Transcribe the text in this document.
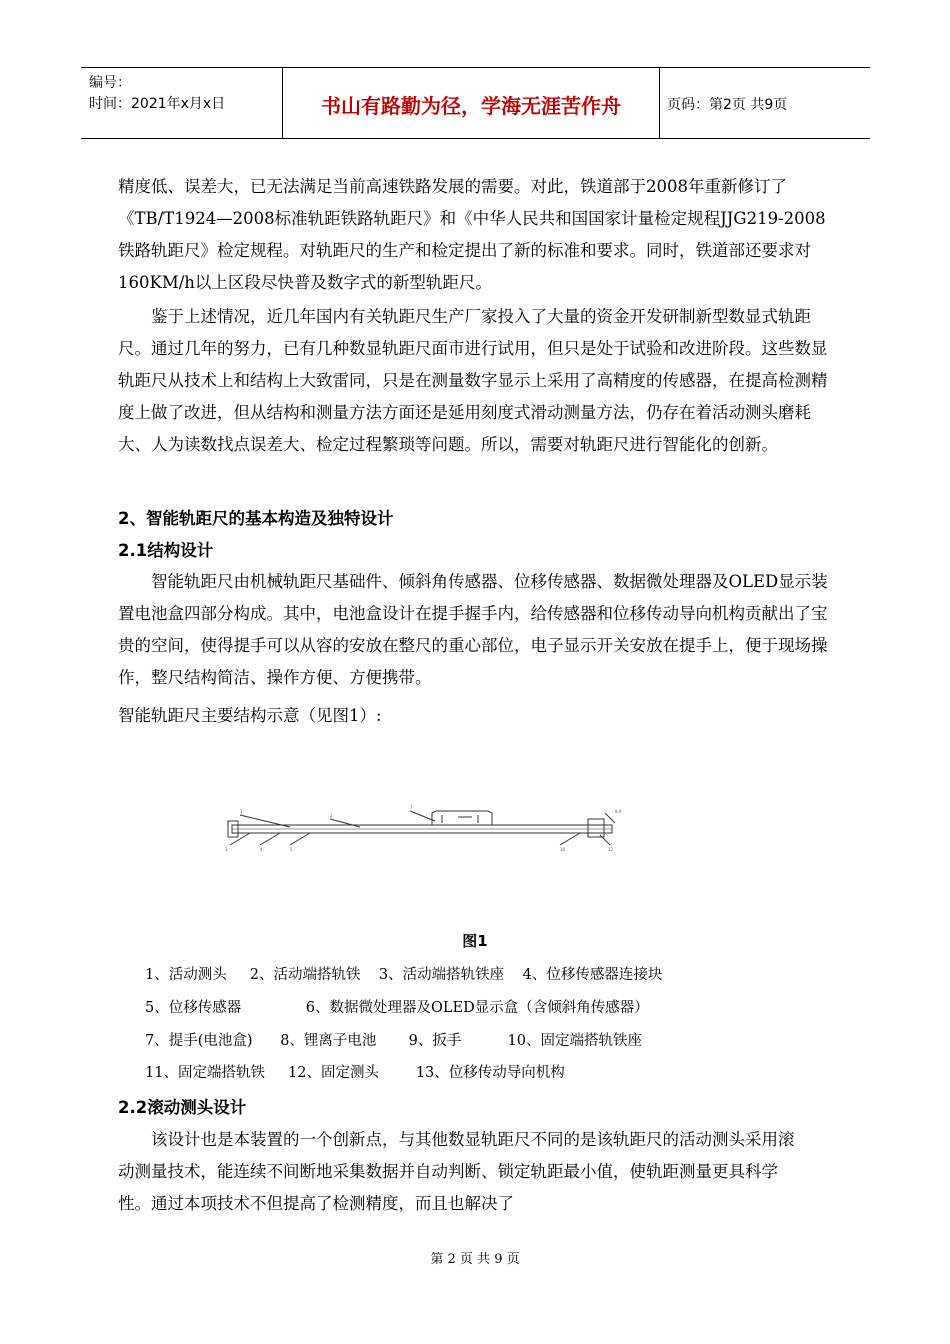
编号：
时间：2021年x月x日	书山有路勤为径，学海无涯苦作舟	页码：第2页 共9页

精度低、误差大，已无法满足当前高速铁路发展的需要。对此，铁道部于2008年重新修订了《TB/T1924—2008标准轨距铁路轨距尺》和《中华人民共和国国家计量检定规程JJG219-2008铁路轨距尺》检定规程。对轨距尺的生产和检定提出了新的标准和要求。同时，铁道部还要求对160KM/h以上区段尽快普及数字式的新型轨距尺。

鉴于上述情况，近几年国内有关轨距尺生产厂家投入了大量的资金开发研制新型数显式轨距尺。通过几年的努力，已有几种数显轨距尺面市进行试用，但只是处于试验和改进阶段。这些数显轨距尺从技术上和结构上大致雷同，只是在测量数字显示上采用了高精度的传感器，在提高检测精度上做了改进，但从结构和测量方法方面还是延用刻度式滑动测量方法，仍存在着活动测头磨耗大、人为读数找点误差大、检定过程繁琐等问题。所以，需要对轨距尺进行智能化的创新。

2、智能轨距尺的基本构造及独特设计
2.1结构设计

智能轨距尺由机械轨距尺基础件、倾斜角传感器、位移传感器、数据微处理器及OLED显示装置电池盒四部分构成。其中，电池盒设计在提手握手内，给传感器和位移传动导向机构贡献出了宝贵的空间，使得提手可以从容的安放在整尺的重心部位，电子显示开关安放在提手上，便于现场操作，整尺结构简洁、操作方便、方便携带。

智能轨距尺主要结构示意（见图1）:

1
2
7
8 9
3	4	5	10	12
图1
1、活动测头     2、活动端搭轨铁    3、活动端搭轨铁座    4、位移传感器连接块
5、位移传感器              6、数据微处理器及OLED显示盒（含倾斜角传感器）
7、提手(电池盒)      8、锂离子电池       9、扳手          10、固定端搭轨铁座
11、固定端搭轨铁     12、固定测头        13、位移传动导向机构
2.2滚动测头设计

该设计也是本装置的一个创新点，与其他数显轨距尺不同的是该轨距尺的活动测头采用滚动测量技术，能连续不间断地采集数据并自动判断、锁定轨距最小值，使轨距测量更具科学性。通过本项技术不但提高了检测精度，而且也解决了

第 2 页 共 9 页
